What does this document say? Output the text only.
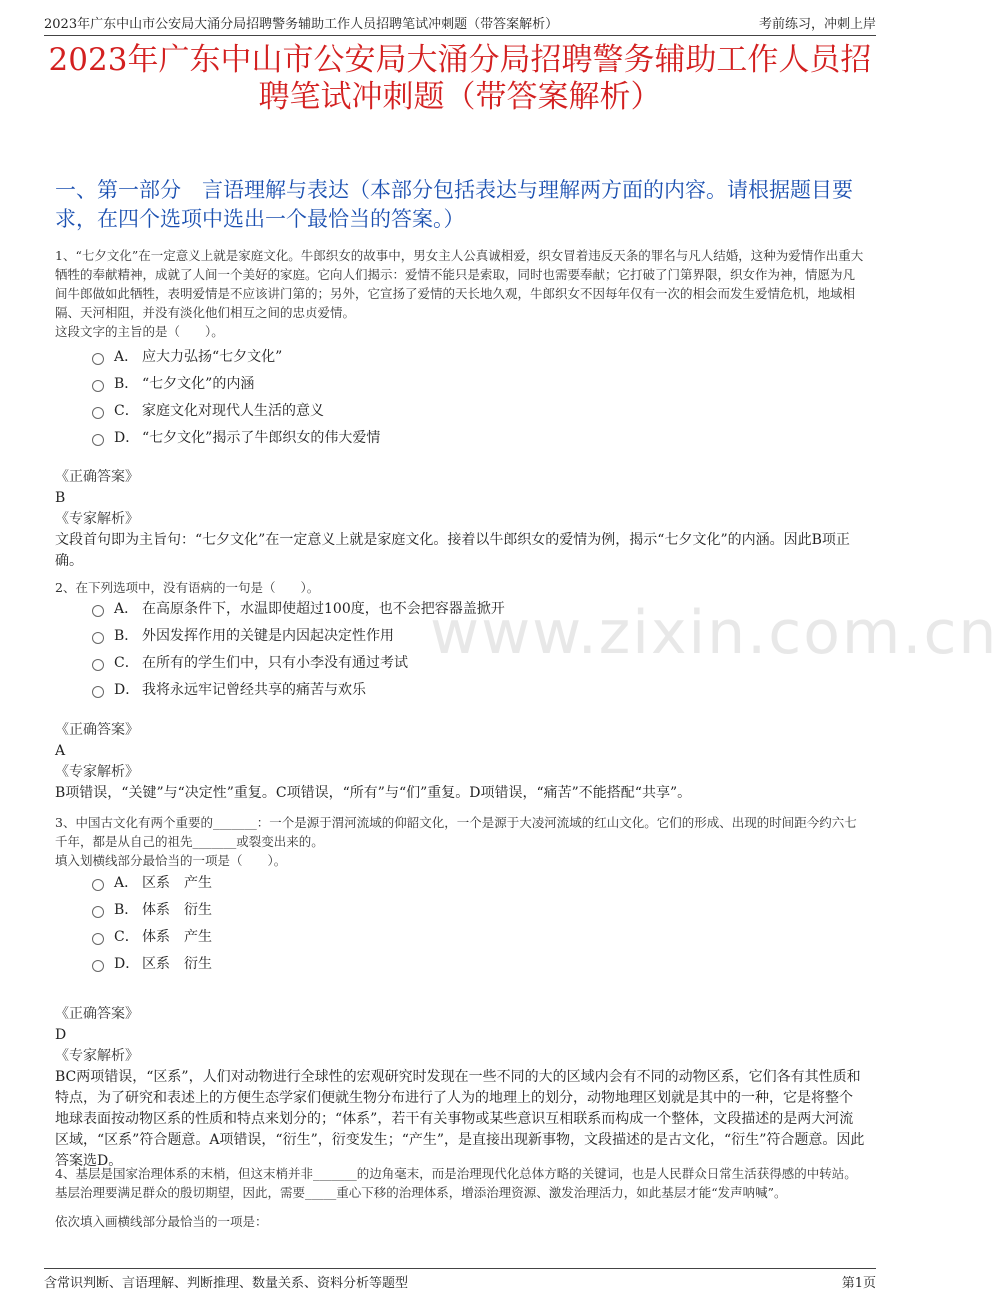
2023年广东中山市公安局大涌分局招聘警务辅助工作人员招聘笔试冲刺题（带答案解析）	考前练习，冲刺上岸
www.zixin.com.cn
2023年广东中山市公安局大涌分局招聘警务辅助工作人员招聘笔试冲刺题（带答案解析）
一、第一部分　言语理解与表达（本部分包括表达与理解两方面的内容。请根据题目要求，在四个选项中选出一个最恰当的答案。）
1、“七夕文化”在一定意义上就是家庭文化。牛郎织女的故事中，男女主人公真诚相爱，织女冒着违反天条的罪名与凡人结婚，这种为爱情作出重大牺牲的奉献精神，成就了人间一个美好的家庭。它向人们揭示：爱情不能只是索取，同时也需要奉献；它打破了门第界限，织女作为神，情愿为凡间牛郎做如此牺牲，表明爱情是不应该讲门第的；另外，它宣扬了爱情的天长地久观，牛郎织女不因每年仅有一次的相会而发生爱情危机，地域相隔、天河相阻，并没有淡化他们相互之间的忠贞爱情。
这段文字的主旨的是（　　）。
A． 应大力弘扬“七夕文化”
B． “七夕文化”的内涵
C． 家庭文化对现代人生活的意义
D． “七夕文化”揭示了牛郎织女的伟大爱情
《正确答案》
B
《专家解析》
文段首句即为主旨句：“七夕文化”在一定意义上就是家庭文化。接着以牛郎织女的爱情为例，揭示“七夕文化”的内涵。因此B项正确。
2、在下列选项中，没有语病的一句是（　　）。
A． 在高原条件下，水温即使超过100度，也不会把容器盖掀开
B． 外因发挥作用的关键是内因起决定性作用
C． 在所有的学生们中，只有小李没有通过考试
D． 我将永远牢记曾经共享的痛苦与欢乐
《正确答案》
A
《专家解析》
B项错误，“关键”与“决定性”重复。C项错误，“所有”与“们”重复。D项错误，“痛苦”不能搭配“共享”。
3、中国古文化有两个重要的_______：一个是源于渭河流域的仰韶文化，一个是源于大凌河流域的红山文化。它们的形成、出现的时间距今约六七千年，都是从自己的祖先_______或裂变出来的。
填入划横线部分最恰当的一项是（　　）。
A． 区系　产生
B． 体系　衍生
C． 体系　产生
D． 区系　衍生
《正确答案》
D
《专家解析》
BC两项错误，“区系”，人们对动物进行全球性的宏观研究时发现在一些不同的大的区域内会有不同的动物区系，它们各有其性质和特点，为了研究和表述上的方便生态学家们便就生物分布进行了人为的地理上的划分，动物地理区划就是其中的一种，它是将整个地球表面按动物区系的性质和特点来划分的；“体系”，若干有关事物或某些意识互相联系而构成一个整体，文段描述的是两大河流区域，“区系”符合题意。A项错误，“衍生”，衍变发生；“产生”，是直接出现新事物，文段描述的是古文化，“衍生”符合题意。因此答案选D。
4、基层是国家治理体系的末梢，但这末梢并非_______的边角毫末，而是治理现代化总体方略的关键词，也是人民群众日常生活获得感的中转站。基层治理要满足群众的殷切期望，因此，需要_____重心下移的治理体系，增添治理资源、激发治理活力，如此基层才能“发声呐喊”。
依次填入画横线部分最恰当的一项是：
含常识判断、言语理解、判断推理、数量关系、资料分析等题型	第1页
